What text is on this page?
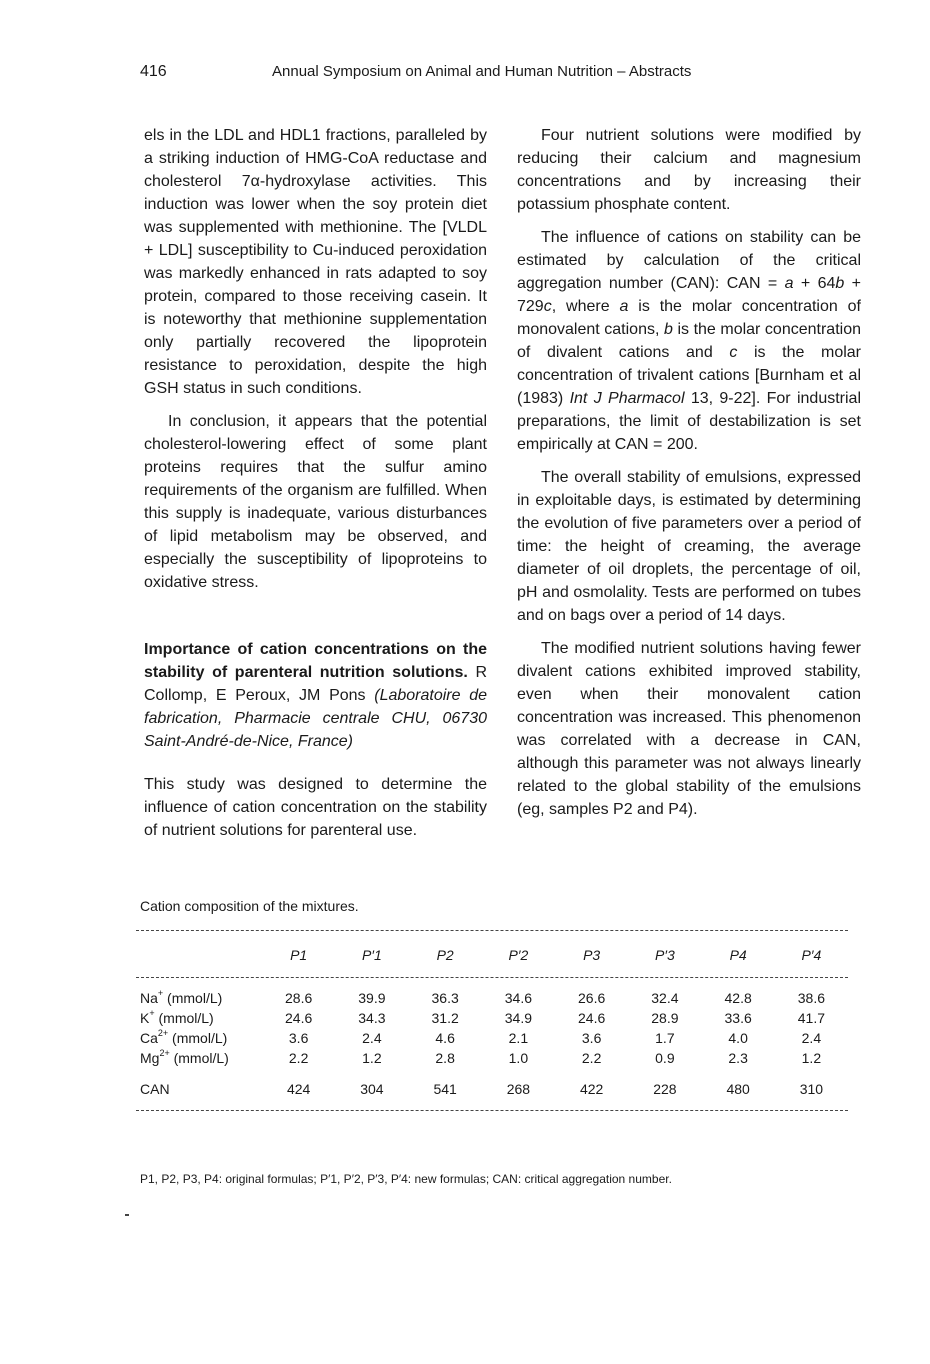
416	Annual Symposium on Animal and Human Nutrition – Abstracts

els in the LDL and HDL1 fractions, paralleled by a striking induction of HMG-CoA reductase and cholesterol 7α-hydroxylase activities. This induction was lower when the soy protein diet was supplemented with methionine. The [VLDL + LDL] susceptibility to Cu-induced peroxidation was markedly enhanced in rats adapted to soy protein, compared to those receiving casein. It is noteworthy that methionine supplementation only partially recovered the lipoprotein resistance to peroxidation, despite the high GSH status in such conditions.

In conclusion, it appears that the potential cholesterol-lowering effect of some plant proteins requires that the sulfur amino requirements of the organism are fulfilled. When this supply is inadequate, various disturbances of lipid metabolism may be observed, and especially the susceptibility of lipoproteins to oxidative stress.

Importance of cation concentrations on the stability of parenteral nutrition solutions. R Collomp, E Peroux, JM Pons (Laboratoire de fabrication, Pharmacie centrale CHU, 06730 Saint-André-de-Nice, France)

This study was designed to determine the influence of cation concentration on the stability of nutrient solutions for parenteral use.

Four nutrient solutions were modified by reducing their calcium and magnesium concentrations and by increasing their potassium phosphate content.

The influence of cations on stability can be estimated by calculation of the critical aggregation number (CAN): CAN = a + 64b + 729c, where a is the molar concentration of monovalent cations, b is the molar concentration of divalent cations and c is the molar concentration of trivalent cations [Burnham et al (1983) Int J Pharmacol 13, 9-22]. For industrial preparations, the limit of destabilization is set empirically at CAN = 200.

The overall stability of emulsions, expressed in exploitable days, is estimated by determining the evolution of five parameters over a period of time: the height of creaming, the average diameter of oil droplets, the percentage of oil, pH and osmolality. Tests are performed on tubes and on bags over a period of 14 days.

The modified nutrient solutions having fewer divalent cations exhibited improved stability, even when their monovalent cation concentration was increased. This phenomenon was correlated with a decrease in CAN, although this parameter was not always linearly related to the global stability of the emulsions (eg, samples P2 and P4).

Cation composition of the mixtures.
	P1	P′1	P2	P′2	P3	P′3	P4	P′4

Na+ (mmol/L)	28.6	39.9	36.3	34.6	26.6	32.4	42.8	38.6
K+ (mmol/L)	24.6	34.3	31.2	34.9	24.6	28.9	33.6	41.7
$Ca^{2+}$ (mmol/L)	3.6	2.4	4.6	2.1	3.6	1.7	4.0	2.4
$Mg^{2+}$ (mmol/L)	2.2	1.2	2.8	1.0	2.2	0.9	2.3	1.2
CAN	424	304	541	268	422	228	480	310
P1, P2, P3, P4: original formulas; P′1, P′2, P′3, P′4: new formulas; CAN: critical aggregation number.
